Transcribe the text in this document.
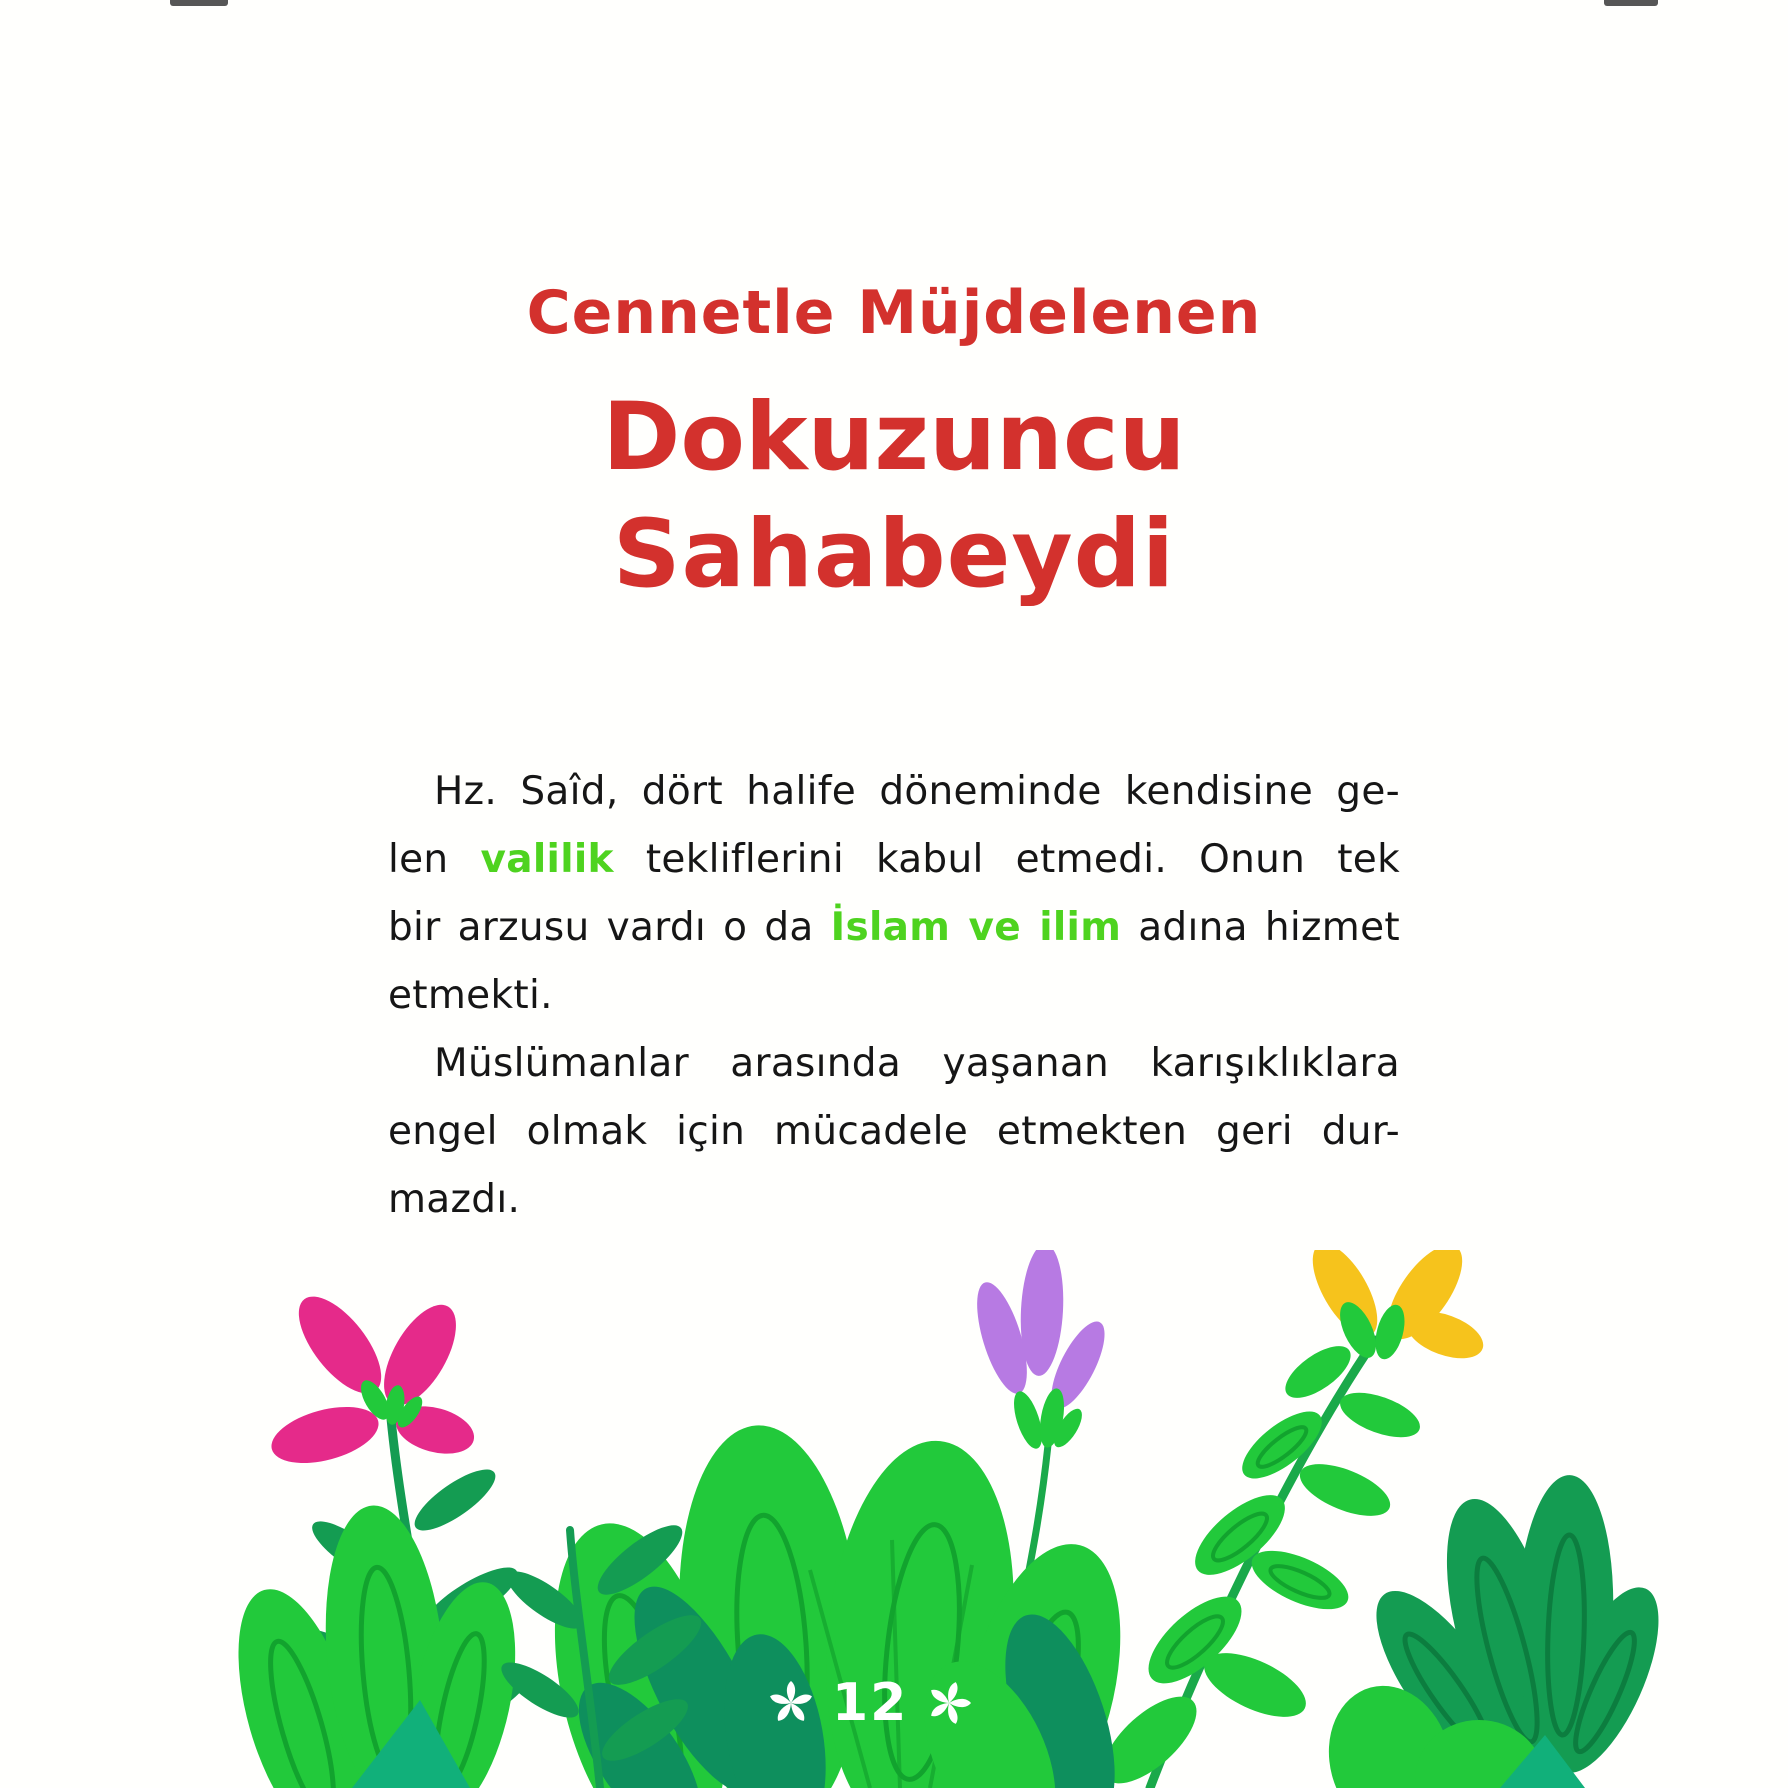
Cennetle Müjdelenen
Dokuzuncu
Sahabeydi
Hz. Saîd, dört halife döneminde kendisine ge-
len valilik tekliflerini kabul etmedi. Onun tek
bir arzusu vardı o da İslam ve ilim adına hizmet
etmekti.
Müslümanlar arasında yaşanan karışıklıklara
engel olmak için mücadele etmekten geri dur-
mazdı.
12
